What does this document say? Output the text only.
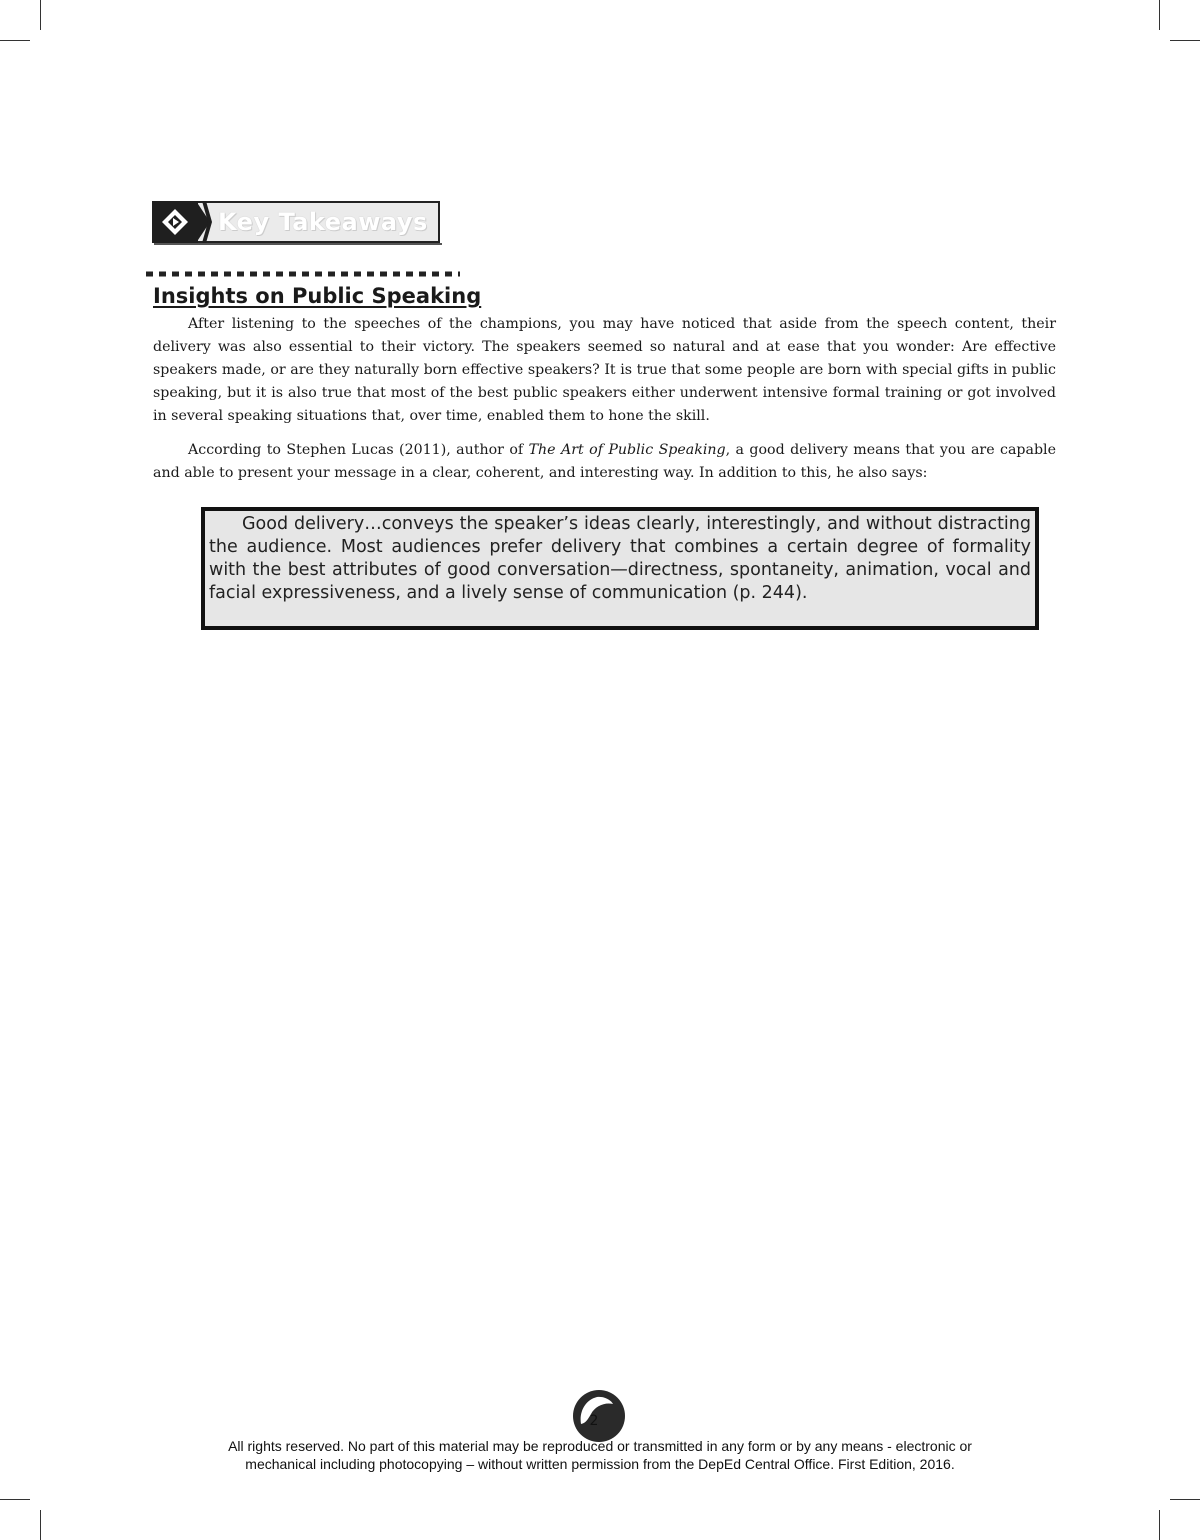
Key Takeaways
Insights on Public Speaking

After listening to the speeches of the champions, you may have noticed that aside from the speech content, their delivery was also essential to their victory. The speakers seemed so natural and at ease that you wonder: Are effective speakers made, or are they naturally born effective speakers? It is true that some people are born with special gifts in public speaking, but it is also true that most of the best public speakers either underwent intensive formal training or got involved in several speaking situations that, over time, enabled them to hone the skill.

According to Stephen Lucas (2011), author of The Art of Public Speaking, a good delivery means that you are capable and able to present your message in a clear, coherent, and interesting way. In addition to this, he also says:

Good delivery…conveys the speaker’s ideas clearly, interestingly, and without distracting the audience. Most audiences prefer delivery that combines a certain degree of formality with the best attributes of good conversation—directness, spontaneity, animation, vocal and facial expressiveness, and a lively sense of communication (p. 244).

2

All rights reserved. No part of this material may be reproduced or transmitted in any form or by any means - electronic or

mechanical including photocopying – without written permission from the DepEd Central Office. First Edition, 2016.
